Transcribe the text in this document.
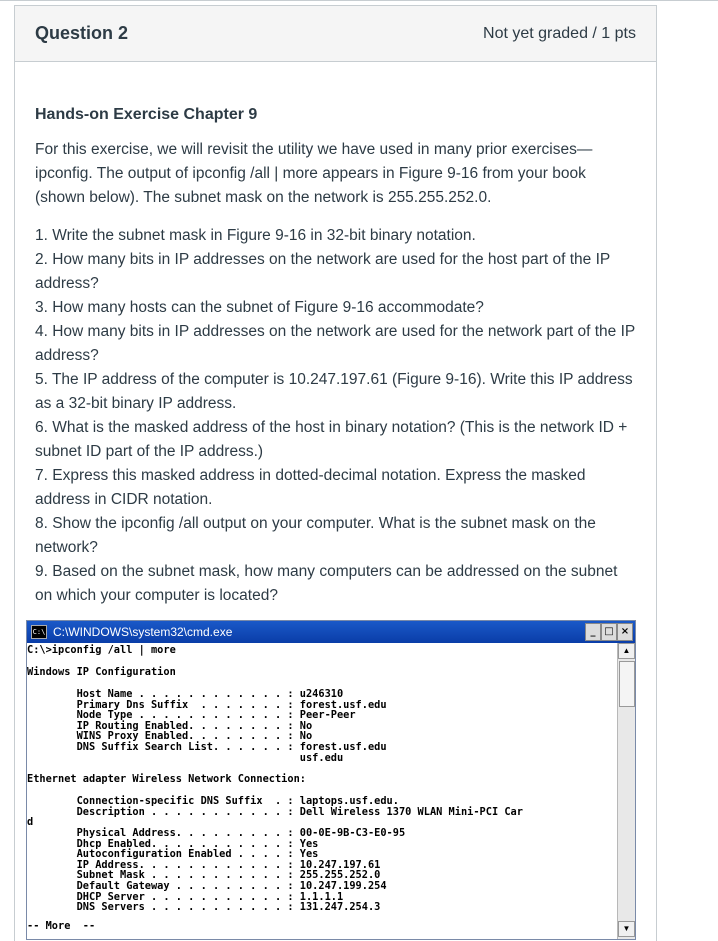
Question 2	Not yet graded / 1 pts
Hands-on Exercise Chapter 9

For this exercise, we will revisit the utility we have used in many prior exercises—ipconfig. The output of ipconfig /all | more appears in Figure 9-16 from your book (shown below). The subnet mask on the network is 255.255.252.0.

1. Write the subnet mask in Figure 9-16 in 32-bit binary notation.
2. How many bits in IP addresses on the network are used for the host part of the IP address?
3. How many hosts can the subnet of Figure 9-16 accommodate?
4. How many bits in IP addresses on the network are used for the network part of the IP address?
5. The IP address of the computer is 10.247.197.61 (Figure 9-16). Write this IP address as a 32-bit binary IP address.
6. What is the masked address of the host in binary notation? (This is the network ID + subnet ID part of the IP address.)
7. Express this masked address in dotted-decimal notation. Express the masked address in CIDR notation.
8. Show the ipconfig /all output on your computer. What is the subnet mask on the network?
9. Based on the subnet mask, how many computers can be addressed on the subnet on which your computer is located?
C:\ C:\WINDOWS\system32\cmd.exe	_ □ ×

C:\>ipconfig /all | more

Windows IP Configuration

Host Name . . . . . . . . . . . . : u246310

Primary Dns Suffix  . . . . . . . : forest.usf.edu

Node Type . . . . . . . . . . . . : Peer-Peer

IP Routing Enabled. . . . . . . . : No

WINS Proxy Enabled. . . . . . . . : No

DNS Suffix Search List. . . . . . : forest.usf.edu

usf.edu

Ethernet adapter Wireless Network Connection:

Connection-specific DNS Suffix  . : laptops.usf.edu.

Description . . . . . . . . . . . : Dell Wireless 1370 WLAN Mini-PCI Car

d

Physical Address. . . . . . . . . : 00-0E-9B-C3-E0-95

Dhcp Enabled. . . . . . . . . . . : Yes

Autoconfiguration Enabled . . . . : Yes

IP Address. . . . . . . . . . . . : 10.247.197.61

Subnet Mask . . . . . . . . . . . : 255.255.252.0

Default Gateway . . . . . . . . . : 10.247.199.254

DHCP Server . . . . . . . . . . . : 1.1.1.1

DNS Servers . . . . . . . . . . . : 131.247.254.3

-- More  --

▲
▼
